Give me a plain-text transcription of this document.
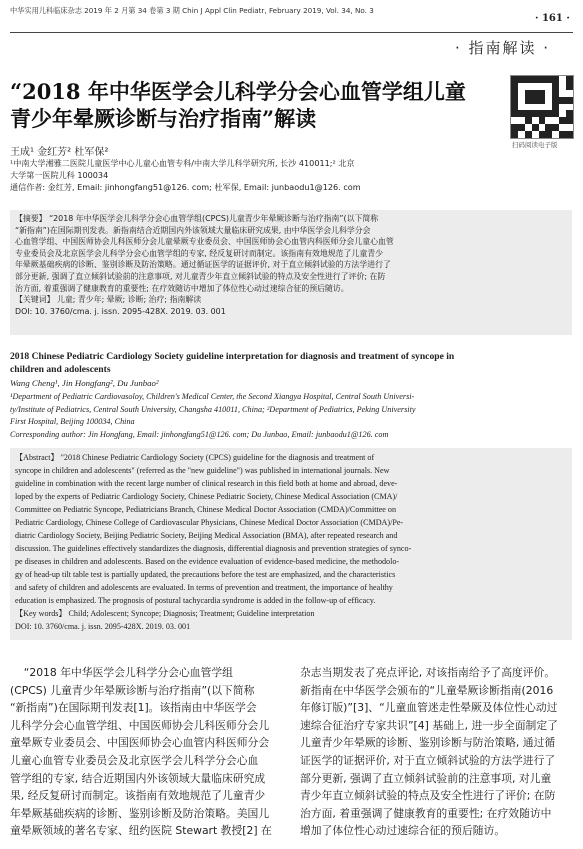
中华实用儿科临床杂志 2019 年 2 月第 34 卷第 3 期 Chin J Appl Clin Pediatr, February 2019, Vol. 34, No. 3
· 161 ·
· 指南解读 ·
“2018 年中华医学会儿科学分会心血管学组儿童
青少年晕厥诊断与治疗指南”解读
扫码阅读电子版
王成¹ 金红芳² 杜军保²
¹中南大学湘雅二医院儿童医学中心儿童心血管专科/中南大学儿科学研究所, 长沙 410011;² 北京
大学第一医院儿科 100034
通信作者: 金红芳, Email: jinhongfang51@126. com; 杜军保, Email: junbaodu1@126. com
【摘要】 “2018 年中华医学会儿科学分会心血管学组(CPCS)儿童青少年晕厥诊断与治疗指南”(以下简称
“新指南”)在国际期刊发表。新指南结合近期国内外该领域大量临床研究成果, 由中华医学会儿科学分会
心血管学组、中国医师协会儿科医师分会儿童晕厥专业委员会、中国医师协会心血管内科医师分会儿童心血管
专业委员会及北京医学会儿科学分会心血管学组的专家, 经反复研讨而制定。该指南有效地规范了儿童青少
年晕厥基础疾病的诊断、鉴别诊断及防治策略。通过循证医学的证据评价, 对于直立倾斜试验的方法学进行了
部分更新, 强调了直立倾斜试验前的注意事项, 对儿童青少年直立倾斜试验的特点及安全性进行了评价; 在防
治方面, 着重强调了健康教育的重要性; 在疗效随访中增加了体位性心动过速综合征的预后随访。
【关键词】 儿童; 青少年; 晕厥; 诊断; 治疗; 指南解读
DOI: 10. 3760/cma. j. issn. 2095-428X. 2019. 03. 001
2018 Chinese Pediatric Cardiology Society guideline interpretation for diagnosis and treatment of syncope in
children and adolescents
Wang Cheng¹, Jin Hongfang², Du Junbao²
¹Department of Pediatric Cardiovasoloy, Children's Medical Center, the Second Xiangya Hospital, Central South Universi-
ty/Institute of Pediatrics, Central South University, Changsha 410011, China; ²Department of Pediatrics, Peking University
First Hospital, Beijing 100034, China
Corresponding author: Jin Hongfang, Email: jinhongfang51@126. com; Du Junbao, Email: junbaodu1@126. com
【Abstract】 "2018 Chinese Pediatric Cardiology Society (CPCS) guideline for the diagnosis and treatment of
syncope in children and adolescents" (referred as the "new guideline") was published in international journals. New
guideline in combination with the recent large number of clinical research in this field both at home and abroad, deve-
loped by the experts of Pediatric Cardiology Society, Chinese Pediatric Society, Chinese Medical Association (CMA)/
Committee on Pediatric Syncope, Pediatricians Branch, Chinese Medical Doctor Association (CMDA)/Committee on
Pediatric Cardiology, Chinese College of Cardiovascular Physicians, Chinese Medical Doctor Association (CMDA)/Pe-
diatric Cardiology Society, Beijing Pediatric Society, Beijing Medical Association (BMA), after repeated research and
discussion. The guidelines effectively standardizes the diagnosis, differential diagnosis and prevention strategies of synco-
pe diseases in children and adolescents. Based on the evidence evaluation of evidence-based medicine, the methodolo-
gy of head-up tilt table test is partially updated, the precautions before the test are emphasized, and the characteristics
and safety of children and adolescents are evaluated. In terms of prevention and treatment, the importance of healthy
education is emphasized. The prognosis of postural tachycardia syndrome is added in the follow-up of efficacy.
【Key words】 Child; Adolescent; Syncope; Diagnosis; Treatment; Guideline interpretation
DOI: 10. 3760/cma. j. issn. 2095-428X. 2019. 03. 001
“2018 年中华医学会儿科学分会心血管学组
(CPCS) 儿童青少年晕厥诊断与治疗指南”(以下简称
“新指南”)在国际期刊发表[1]。该指南由中华医学会
儿科学分会心血管学组、中国医师协会儿科医师分会儿
童晕厥专业委员会、中国医师协会心血管内科医师分会
儿童心血管专业委员会及北京医学会儿科学分会心血
管学组的专家, 结合近期国内外该领域大量临床研究成
果, 经反复研讨而制定。该指南有效地规范了儿童青少
年晕厥基础疾病的诊断、鉴别诊断及防治策略。美国儿
童晕厥领域的著名专家、纽约医院 Stewart 教授[2] 在
杂志当期发表了亮点评论, 对该指南给予了高度评价。
新指南在中华医学会颁布的“儿童晕厥诊断指南(2016
年修订版)”[3]、“儿童血管迷走性晕厥及体位性心动过
速综合征治疗专家共识”[4] 基础上, 进一步全面制定了
儿童青少年晕厥的诊断、鉴别诊断与防治策略, 通过循
证医学的证据评价, 对于直立倾斜试验的方法学进行了
部分更新, 强调了直立倾斜试验前的注意事项, 对儿童
青少年直立倾斜试验的特点及安全性进行了评价; 在防
治方面, 着重强调了健康教育的重要性; 在疗效随访中
增加了体位性心动过速综合征的预后随访。
